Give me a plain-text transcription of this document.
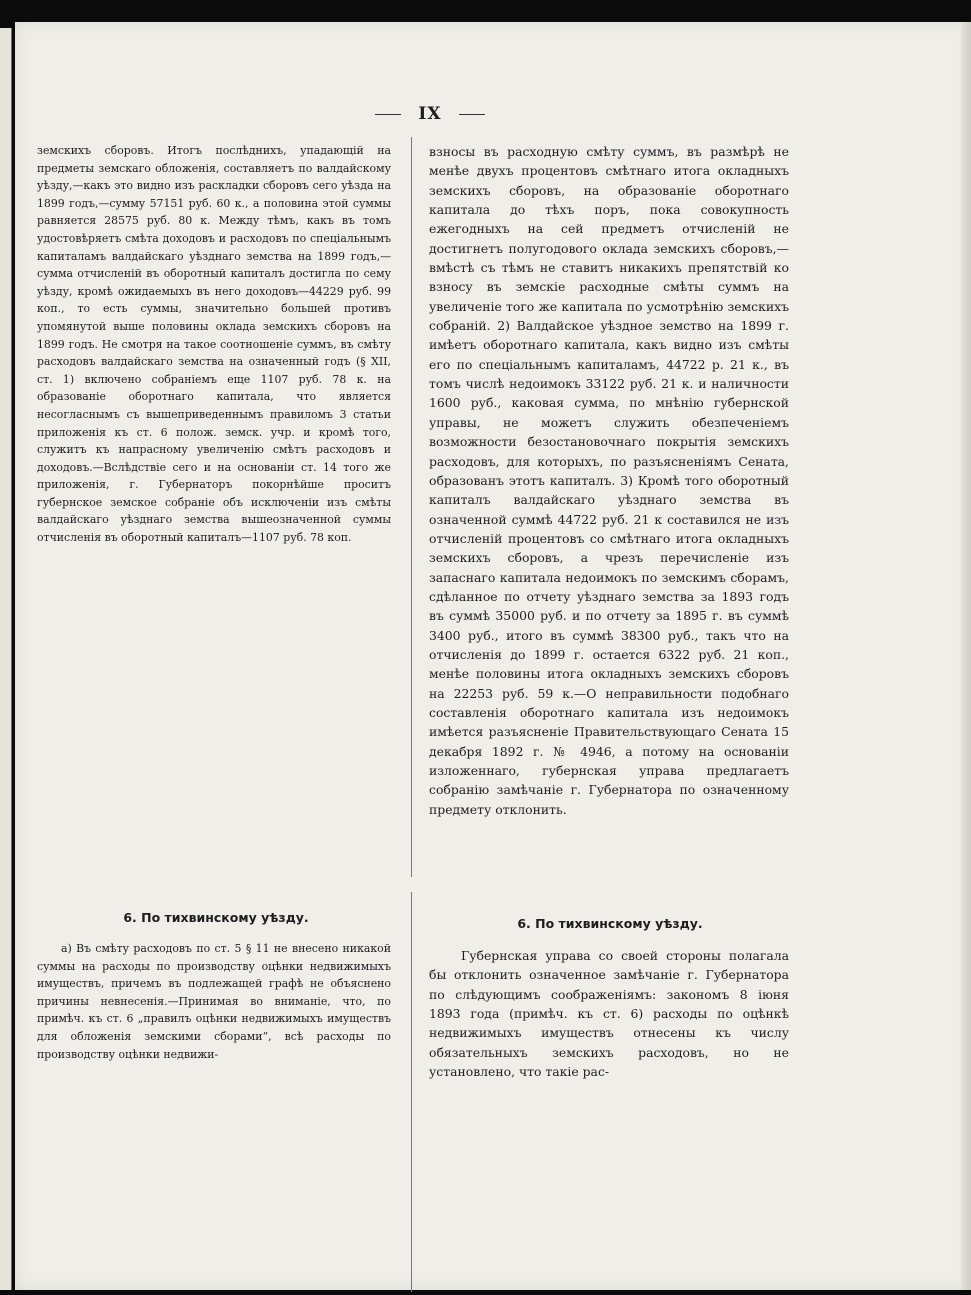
IX

земскихъ сборовъ. Итогъ послѣднихъ, упадающій на предметы земскаго обложенія, составляетъ по валдайскому уѣзду,—какъ это видно изъ раскладки сборовъ сего уѣзда на 1899 годъ,—сумму 57151 руб. 60 к., а половина этой суммы равняется 28575 руб. 80 к. Между тѣмъ, какъ въ томъ удостовѣряетъ смѣта доходовъ и расходовъ по спеціальнымъ капиталамъ валдайскаго уѣзднаго земства на 1899 годъ,—сумма отчисленій въ оборотный капиталъ достигла по сему уѣзду, кромѣ ожидаемыхъ въ него доходовъ—44229 руб. 99 коп., то есть суммы, значительно большей противъ упомянутой выше половины оклада земскихъ сборовъ на 1899 годъ. Не смотря на такое соотношеніе суммъ, въ смѣту расходовъ валдайскаго земства на означенный годъ (§ XII, ст. 1) включено собраніемъ еще 1107 руб. 78 к. на образованіе оборотнаго капитала, что является несогласнымъ съ вышеприведеннымъ правиломъ 3 статьи приложенія къ ст. 6 полож. земск. учр. и кромѣ того, служитъ къ напрасному увеличенію смѣтъ расходовъ и доходовъ.—Вслѣдствіе сего и на основаніи ст. 14 того же приложенія, г. Губернаторъ покорнѣйше проситъ губернское земское собраніе объ исключеніи изъ смѣты валдайскаго уѣзднаго земства вышеозначенной суммы отчисленія въ оборотный капиталъ—1107 руб. 78 коп.

взносы въ расходную смѣту суммъ, въ размѣрѣ не менѣе двухъ процентовъ смѣтнаго итога окладныхъ земскихъ сборовъ, на образованіе оборотнаго капитала до тѣхъ поръ, пока совокупность ежегодныхъ на сей предметъ отчисленій не достигнетъ полугодового оклада земскихъ сборовъ,—вмѣстѣ съ тѣмъ не ставитъ никакихъ препятствій ко взносу въ земскіе расходные смѣты суммъ на увеличеніе того же капитала по усмотрѣнію земскихъ собраній. 2) Валдайское уѣздное земство на 1899 г. имѣетъ оборотнаго капитала, какъ видно изъ смѣты его по спеціальнымъ капиталамъ, 44722 р. 21 к., въ томъ числѣ недоимокъ 33122 руб. 21 к. и наличности 1600 руб., каковая сумма, по мнѣнію губернской управы, не можетъ служить обезпеченіемъ возможности безостановочнаго покрытія земскихъ расходовъ, для которыхъ, по разъясненіямъ Сената, образованъ этотъ капиталъ. 3) Кромѣ того оборотный капиталъ валдайскаго уѣзднаго земства въ означенной суммѣ 44722 руб. 21 к составился не изъ отчисленій процентовъ со смѣтнаго итога окладныхъ земскихъ сборовъ, а чрезъ перечисленіе изъ запаснаго капитала недоимокъ по земскимъ сборамъ, сдѣланное по отчету уѣзднаго земства за 1893 годъ въ суммѣ 35000 руб. и по отчету за 1895 г. въ суммѣ 3400 руб., итого въ суммѣ 38300 руб., такъ что на отчисленія до 1899 г. остается 6322 руб. 21 коп., менѣе половины итога окладныхъ земскихъ сборовъ на 22253 руб. 59 к.—О неправильности подобнаго составленія оборотнаго капитала изъ недоимокъ имѣется разъясненіе Правительствующаго Сената 15 декабря 1892 г. № 4946, а потому на основаніи изложеннаго, губернская управа предлагаетъ собранію замѣчаніе г. Губернатора по означенному предмету отклонить.

6. По тихвинскому уѣзду.

а) Въ смѣту расходовъ по ст. 5 § 11 не внесено никакой суммы на расходы по производству оцѣнки недвижимыхъ имуществъ, причемъ въ подлежащей графѣ не объяснено причины невнесенія.—Принимая во вниманіе, что, по примѣч. къ ст. 6 „правилъ оцѣнки недвижимыхъ имуществъ для обложенія земскими сборами“, всѣ расходы по производству оцѣнки недвижи-

6. По тихвинскому уѣзду.

Губернская управа со своей стороны полагала бы отклонить означенное замѣчаніе г. Губернатора по слѣдующимъ соображеніямъ: закономъ 8 іюня 1893 года (примѣч. къ ст. 6) расходы по оцѣнкѣ недвижимыхъ имуществъ отнесены къ числу обязательныхъ земскихъ расходовъ, но не установлено, что такіе рас-
